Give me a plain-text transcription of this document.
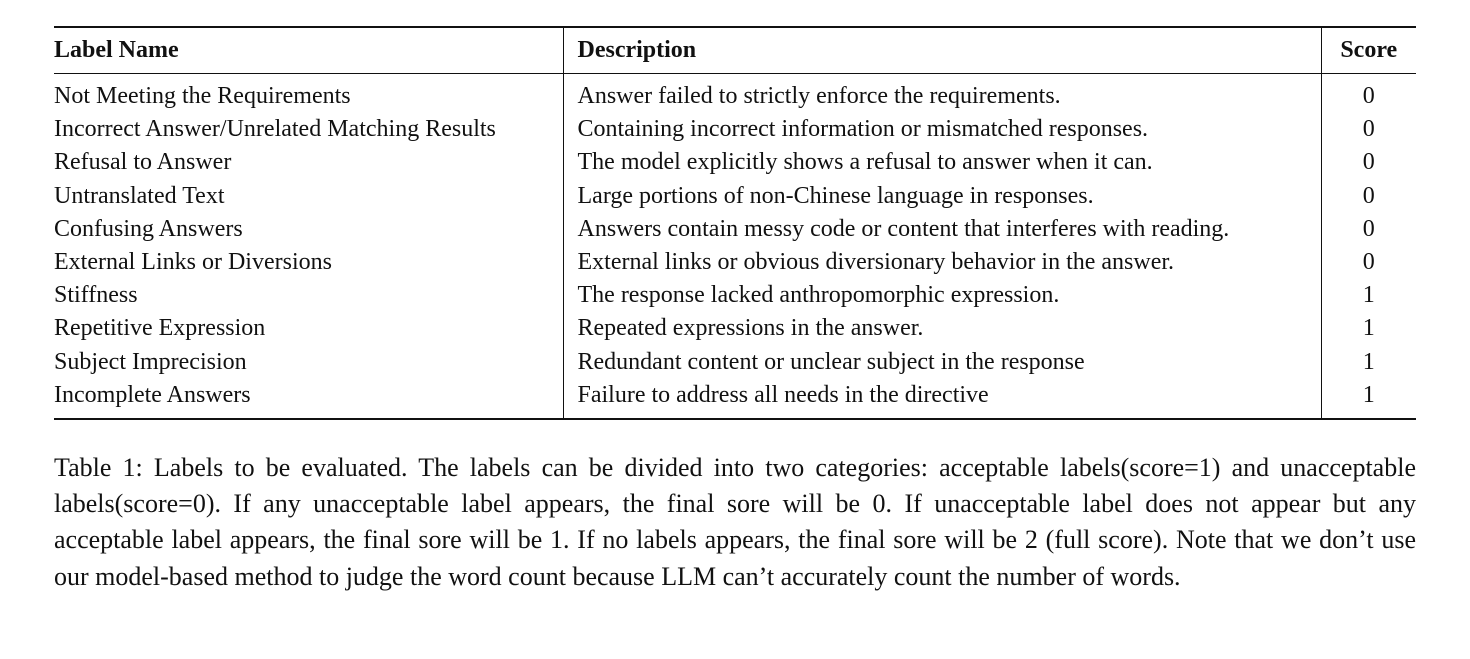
Label Name	Description	Score
Not Meeting the Requirements	Answer failed to strictly enforce the requirements.	0
Incorrect Answer/Unrelated Matching Results	Containing incorrect information or mismatched responses.	0
Refusal to Answer	The model explicitly shows a refusal to answer when it can.	0
Untranslated Text	Large portions of non-Chinese language in responses.	0
Confusing Answers	Answers contain messy code or content that interferes with reading.	0
External Links or Diversions	External links or obvious diversionary behavior in the answer.	0
Stiffness	The response lacked anthropomorphic expression.	1
Repetitive Expression	Repeated expressions in the answer.	1
Subject Imprecision	Redundant content or unclear subject in the response	1
Incomplete Answers	Failure to address all needs in the directive	1

Table 1: Labels to be evaluated. The labels can be divided into two categories: acceptable labels(score=1) and unacceptable labels(score=0). If any unacceptable label appears, the final sore will be 0. If unacceptable label does not appear but any acceptable label appears, the final sore will be 1. If no labels appears, the final sore will be 2 (full score). Note that we don’t use our model-based method to judge the word count because LLM can’t accurately count the number of words.
